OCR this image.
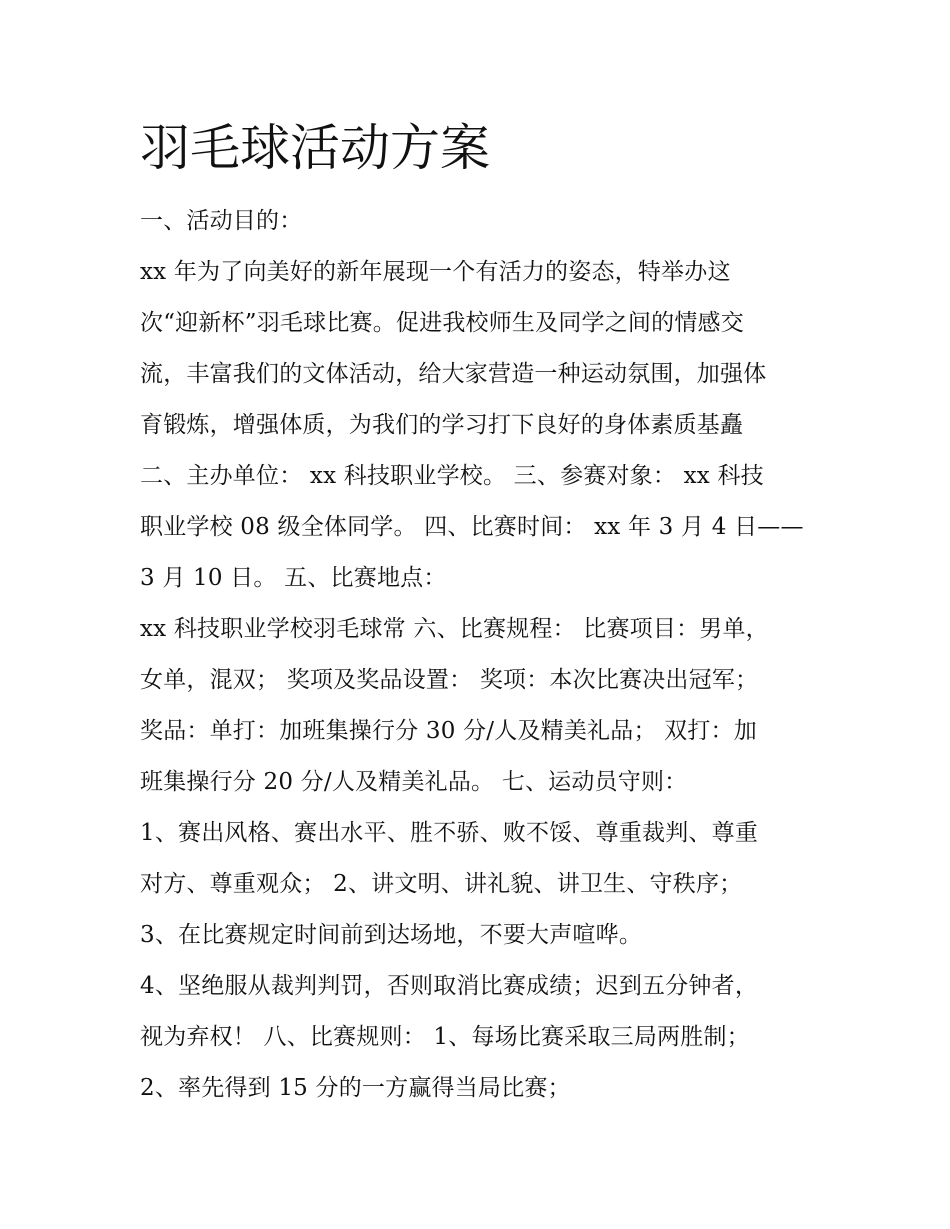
羽毛球活动方案
一、活动目的：
xx 年为了向美好的新年展现一个有活力的姿态，特举办这
次“迎新杯”羽毛球比赛。促进我校师生及同学之间的情感交
流，丰富我们的文体活动，给大家营造一种运动氛围，加强体
育锻炼，增强体质，为我们的学习打下良好的身体素质基矗
二、主办单位： xx 科技职业学校。 三、参赛对象： xx 科技
职业学校 08 级全体同学。 四、比赛时间： xx 年 3 月 4 日——
3 月 10 日。 五、比赛地点：
xx 科技职业学校羽毛球常 六、比赛规程： 比赛项目：男单，
女单，混双； 奖项及奖品设置： 奖项：本次比赛决出冠军；
奖品：单打：加班集操行分 30 分/人及精美礼品； 双打：加
班集操行分 20 分/人及精美礼品。 七、运动员守则：
1、赛出风格、赛出水平、胜不骄、败不馁、尊重裁判、尊重
对方、尊重观众； 2、讲文明、讲礼貌、讲卫生、守秩序；
3、在比赛规定时间前到达场地，不要大声喧哗。
4、坚绝服从裁判判罚，否则取消比赛成绩；迟到五分钟者，
视为弃权！ 八、比赛规则： 1、每场比赛采取三局两胜制；
2、率先得到 15 分的一方赢得当局比赛；
